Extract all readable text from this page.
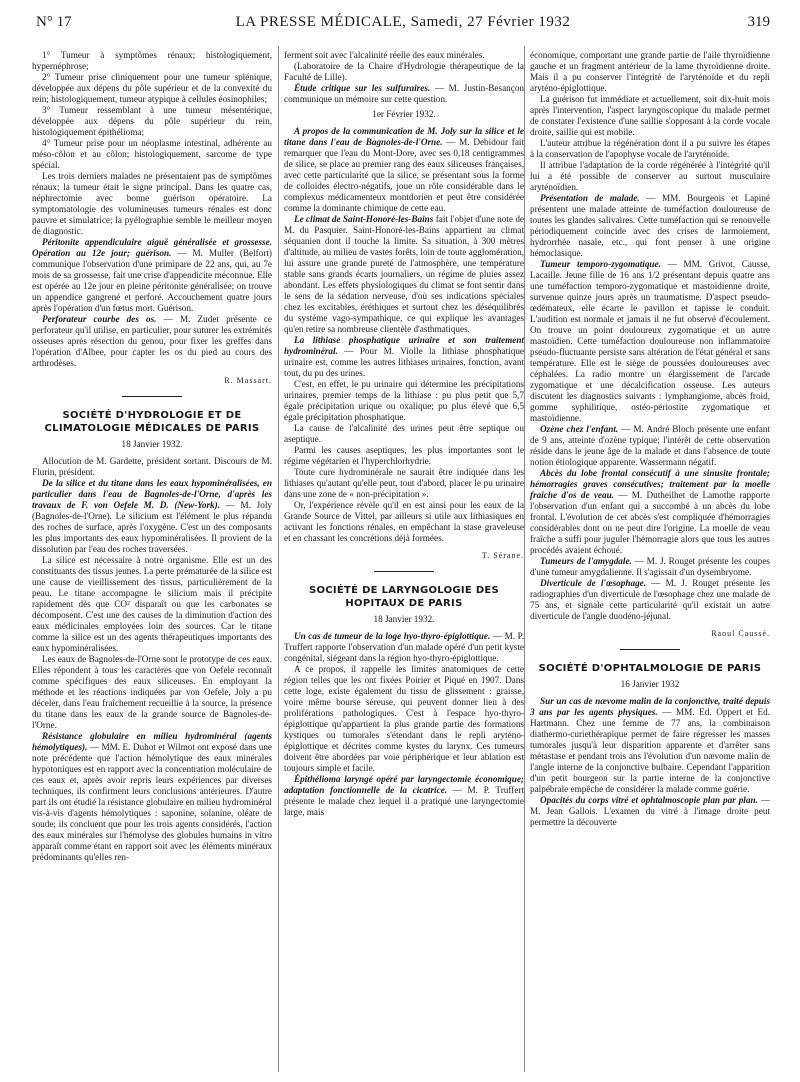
N° 17	LA PRESSE MÉDICALE, Samedi, 27 Février 1932	319

1° Tumeur à symptômes rénaux; histologiquement, hypernéphrose;

2° Tumeur prise cliniquement pour une tumeur splénique, développée aux dépens du pôle supérieur et de la convexité du rein; histologiquement, tumeur atypique à cellules éosinophiles;

3° Tumeur ressemblant à une tumeur mésentérique, développée aux dépens du pôle supérieur du rein, histologiquement épithélioma;

4° Tumeur prise pour un néoplasme intestinal, adhérente au méso-côlon et au côlon; histologiquement, sarcome de type spécial.

Les trois derniers malades ne présentaient pas de symptômes rénaux; la tumeur était le signe principal. Dans les quatre cas, néphrectomie avec bonne guérison opératoire. La symptomatologie des volumineuses tumeurs rénales est donc pauvre et simulatrice; la pyélographie semble le meilleur moyen de diagnostic.

Péritonite appendiculaire aiguë généralisée et grossesse. Opération au 12e jour; guérison. — M. Muller (Belfort) communique l'observation d'une primipare de 22 ans, qui, au 7e mois de sa grossesse, fait une crise d'appendicite méconnue. Elle est opérée au 12e jour en pleine péritonite généralisée; on trouve un appendice gangrené et perforé. Accouchement quatre jours après l'opération d'un fœtus mort. Guérison.

Perforateur courbe des os. — M. Zudet présente ce perforateur qu'il utilise, en particulier, pour suturer les extrémités osseuses après résection du genou, pour fixer les greffes dans l'opération d'Albee, pour capter les os du pied au cours des arthrodèses.

R. Massart.

SOCIÉTÉ D'HYDROLOGIE ET DE CLIMATOLOGIE MÉDICALES DE PARIS

18 Janvier 1932.

Allocution de M. Gardette, président sortant. Discours de M. Flurin, président.

De la silice et du titane dans les eaux hypominéralisées, en particulier dans l'eau de Bagnoles-de-l'Orne, d'après les travaux de F. von Oefele M. D. (New-York). — M. Joly (Bagnoles-de-l'Orne). Le silicium est l'élément le plus répandu des roches de surface, après l'oxygène. C'est un des composants les plus importants des eaux hypominéralisées. Il provient de la dissolution par l'eau des roches traversées.

La silice est nécessaire à notre organisme. Elle est un des constituants des tissus jeunes. La perte prématurée de la silice est une cause de vieillissement des tissus, particulièrement de la peau. Le titane accompagne le silicium mais il précipite rapidement dès que CO² disparaît ou que les carbonates se décomposent. C'est une des causes de la diminution d'action des eaux médicinales employées loin des sources. Car le titane comme la silice est un des agents thérapeutiques importants des eaux hypominéralisées.

Les eaux de Bagnoles-de-l'Orne sont le prototype de ces eaux. Elles répondent à tous les caractères que von Oefele reconnaît comme spécifiques des eaux siliceuses. En employant la méthode et les réactions indiquées par von Oefele, Joly a pu déceler, dans l'eau fraîchement recueillie à la source, la présence du titane dans les eaux de la grande source de Bagnoles-de-l'Orne.

Résistance globulaire en milieu hydrominéral (agents hémolytiques). — MM. E. Duhot et Wilmot ont exposé dans une note précédente que l'action hémolytique des eaux minérales hypotoniques est en rapport avec la concentration moléculaire de ces eaux et, après avoir repris leurs expériences par diverses techniques, ils confirment leurs conclusions antérieures. D'autre part ils ont étudié la résistance globulaire en milieu hydrominéral vis-à-vis d'agents hémolytiques : saponine, solanine, oléate de soude; ils concluent que pour les trois agents considérés, l'action des eaux minérales sur l'hémolyse des globules humains in vitro apparaît comme étant en rapport soit avec les éléments minéraux prédominants qu'elles ren-

ferment soit avec l'alcalinité réelle des eaux minérales.

(Laboratoire de la Chaire d'Hydrologie thérapeutique de la Faculté de Lille).

Étude critique sur les sulfuraires. — M. Justin-Besançon communique un mémoire sur cette question.

1er Février 1932.

A propos de la communication de M. Joly sur la silice et le titane dans l'eau de Bagnoles-de-l'Orne. — M. Debidour fait remarquer que l'eau du Mont-Dore, avec ses 0,18 centigrammes de silice, se place au premier rang des eaux siliceuses françaises, avec cette particularité que la silice, se présentant sous la forme de colloïdes électro-négatifs, joue un rôle considérable dans le complexus médicamenteux montdorien et peut être considérée comme la dominante chimique de cette eau.

Le climat de Saint-Honoré-les-Bains fait l'objet d'une note de M. du Pasquier. Saint-Honoré-les-Bains appartient au climat séquanien dont il touche la limite. Sa situation, à 300 mètres d'altitude, au milieu de vastes forêts, loin de toute agglomération, lui assure une grande pureté de l'atmosphère, une température stable sans grands écarts journaliers, un régime de pluies assez abondant. Les effets physiologiques du climat se font sentir dans le sens de la sédation nerveuse, d'où ses indications spéciales chez les excitables, éréthiques et surtout chez les déséquilibrés du système vago-sympathique, ce qui explique les avantages qu'en retire sa nombreuse clientèle d'asthmatiques.

La lithiase phosphatique urinaire et son traitement hydrominéral. — Pour M. Violle la lithiase phosphatique urinaire est, comme les autres lithiases urinaires, fonction, avant tout, du pu des urines.

C'est, en effet, le pu urinaire qui détermine les précipitations urinaires, premier temps de la lithiase : pu plus petit que 5,7 égale précipitation urique ou oxalique; pu plus élevé que 6,5 égale précipitation phosphatique.

La cause de l'alcalinité des urines peut être septique ou aseptique.

Parmi les causes aseptiques, les plus importantes sont le régime végétarien et l'hyperchlorhydrie.

Toute cure hydrominérale ne saurait être indiquée dans les lithiases qu'autant qu'elle peut, tout d'abord, placer le pu urinaire dans une zone de « non-précipitation ».

Or, l'expérience révèle qu'il en est ainsi pour les eaux de la Grande Source de Vittel, par ailleurs si utile aux lithiasiques en activant les fonctions rénales, en empêchant la stase graveleuse et en chassant les concrétions déjà formées.

T. Sérane.

SOCIÉTÉ DE LARYNGOLOGIE DES HOPITAUX DE PARIS

18 Janvier 1932.

Un cas de tumeur de la loge hyo-thyro-épiglottique. — M. P. Truffert rapporte l'observation d'un malade opéré d'un petit kyste congénital, siégeant dans la région hyo-thyro-épiglottique.

A ce propos, il rappelle les limites anatomiques de cette région telles que les ont fixées Poirier et Piqué en 1907. Dans cette loge, existe également du tissu de glissement : graisse, voire même bourse séreuse, qui peuvent donner lieu à des proliférations pathologiques. C'est à l'espace hyo-thyro-épiglottique qu'appartient la plus grande partie des formations kystiques ou tumorales s'étendant dans le repli aryténo-épiglottique et décrites comme kystes du larynx. Ces tumeurs doivent être abordées par voie périphérique et leur ablation est toujours simple et facile.

Épithélioma laryngé opéré par laryngectomie économique; adaptation fonctionnelle de la cicatrice. — M. P. Truffert présente le malade chez lequel il a pratiqué une laryngectomie large, mais

économique, comportant une grande partie de l'aile thyroïdienne gauche et un fragment antérieur de la lame thyroïdienne droite. Mais il a pu conserver l'intégrité de l'aryténoïde et du repli aryténo-épiglottique.

La guérison fut immédiate et actuellement, soit dix-huit mois après l'intervention, l'aspect laryngoscopique du malade permet de constater l'existence d'une saillie s'opposant à la corde vocale droite, saillie qui est mobile.

L'auteur attribue la régénération dont il a pu suivre les étapes à la conservation de l'apophyse vocale de l'aryténoïde.

Il attribue l'adaptation de la corde régénérée à l'intégrité qu'il lui a été possible de conserver au surtout musculaire aryténoïdien.

Présentation de malade. — MM. Bourgeois et Lapiné présentent une malade atteinte de tuméfaction douloureuse de toutes les glandes salivaires. Cette tuméfaction qui se renouvelle périodiquement coïncide avec des crises de larmoiement, hydrorrhée nasale, etc., qui font penser à une origine hémoclasique.

Tumeur temporo-zygomatique. — MM. Grivot, Causse, Lacaille. Jeune fille de 16 ans 1/2 présentant depuis quatre ans une tuméfaction temporo-zygomatique et mastoïdienne droite, survenue quinze jours après un traumatisme. D'aspect pseudo-œdémateux, elle écarte le pavillon et tapisse le conduit. L'audition est normale et jamais il ne fut observé d'écoulement. On trouve un point douloureux zygomatique et un autre mastoïdien. Cette tuméfaction douloureuse non inflammatoire pseudo-fluctuante persiste sans altération de l'état général et sans température. Elle est le siège de poussées douloureuses avec céphalées. La radio montre un élargissement de l'arcade zygomatique et une décalcification osseuse. Les auteurs discutent les diagnostics suivants : lymphangiome, abcès froid, gomme syphilitique, ostéo-périostite zygomatique et mastoïdienne.

Ozène chez l'enfant. — M. André Bloch présente une enfant de 9 ans, atteinte d'ozène typique; l'intérêt de cette observation réside dans le jeune âge de la malade et dans l'absence de toute notion étiologique apparente. Wassermann négatif.

Abcès du lobe frontal consécutif à une sinusite frontale; hémorragies graves consécutives; traitement par la moelle fraîche d'os de veau. — M. Dutheilhet de Lamothe rapporte l'observation d'un enfant qui a succombé à un abcès du lobe frontal. L'évolution de cet abcès s'est compliquée d'hémorragies considérables dont on ne peut dire l'origine. La moelle de veau fraîche a suffi pour juguler l'hémorragie alors que tous les autres procédés avaient échoué.

Tumeurs de l'amygdale. — M. J. Rouget présente les coupes d'une tumeur amygdalienne. Il s'agissait d'un dysembryome.

Diverticule de l'œsophage. — M. J. Rouget présente les radiographies d'un diverticule de l'œsophage chez une malade de 75 ans, et signale cette particularité qu'il existait un autre diverticule de l'angle duodéno-jéjunal.

Raoul Caussé.

SOCIÉTÉ D'OPHTALMOLOGIE DE PARIS

16 Janvier 1932

Sur un cas de nævome malin de la conjonctive, traité depuis 3 ans par les agents physiques. — MM. Ed. Oppert et Ed. Hartmann. Chez une femme de 77 ans, la combinaison diathermo-curiethérapique permet de faire régresser les masses tumorales jusqu'à leur disparition apparente et d'arrêter sans métastase et pendant trois ans l'évolution d'un nævome malin de l'angle interne de la conjonctive bulbaire. Cependant l'apparition d'un petit bourgeon sur la partie interne de la conjonctive palpébrale empêche de considérer la malade comme guérie.

Opacités du corps vitré et ophtalmoscopie plan par plan. — M. Jean Gallois. L'examen du vitré à l'image droite peut permettre la découverte
